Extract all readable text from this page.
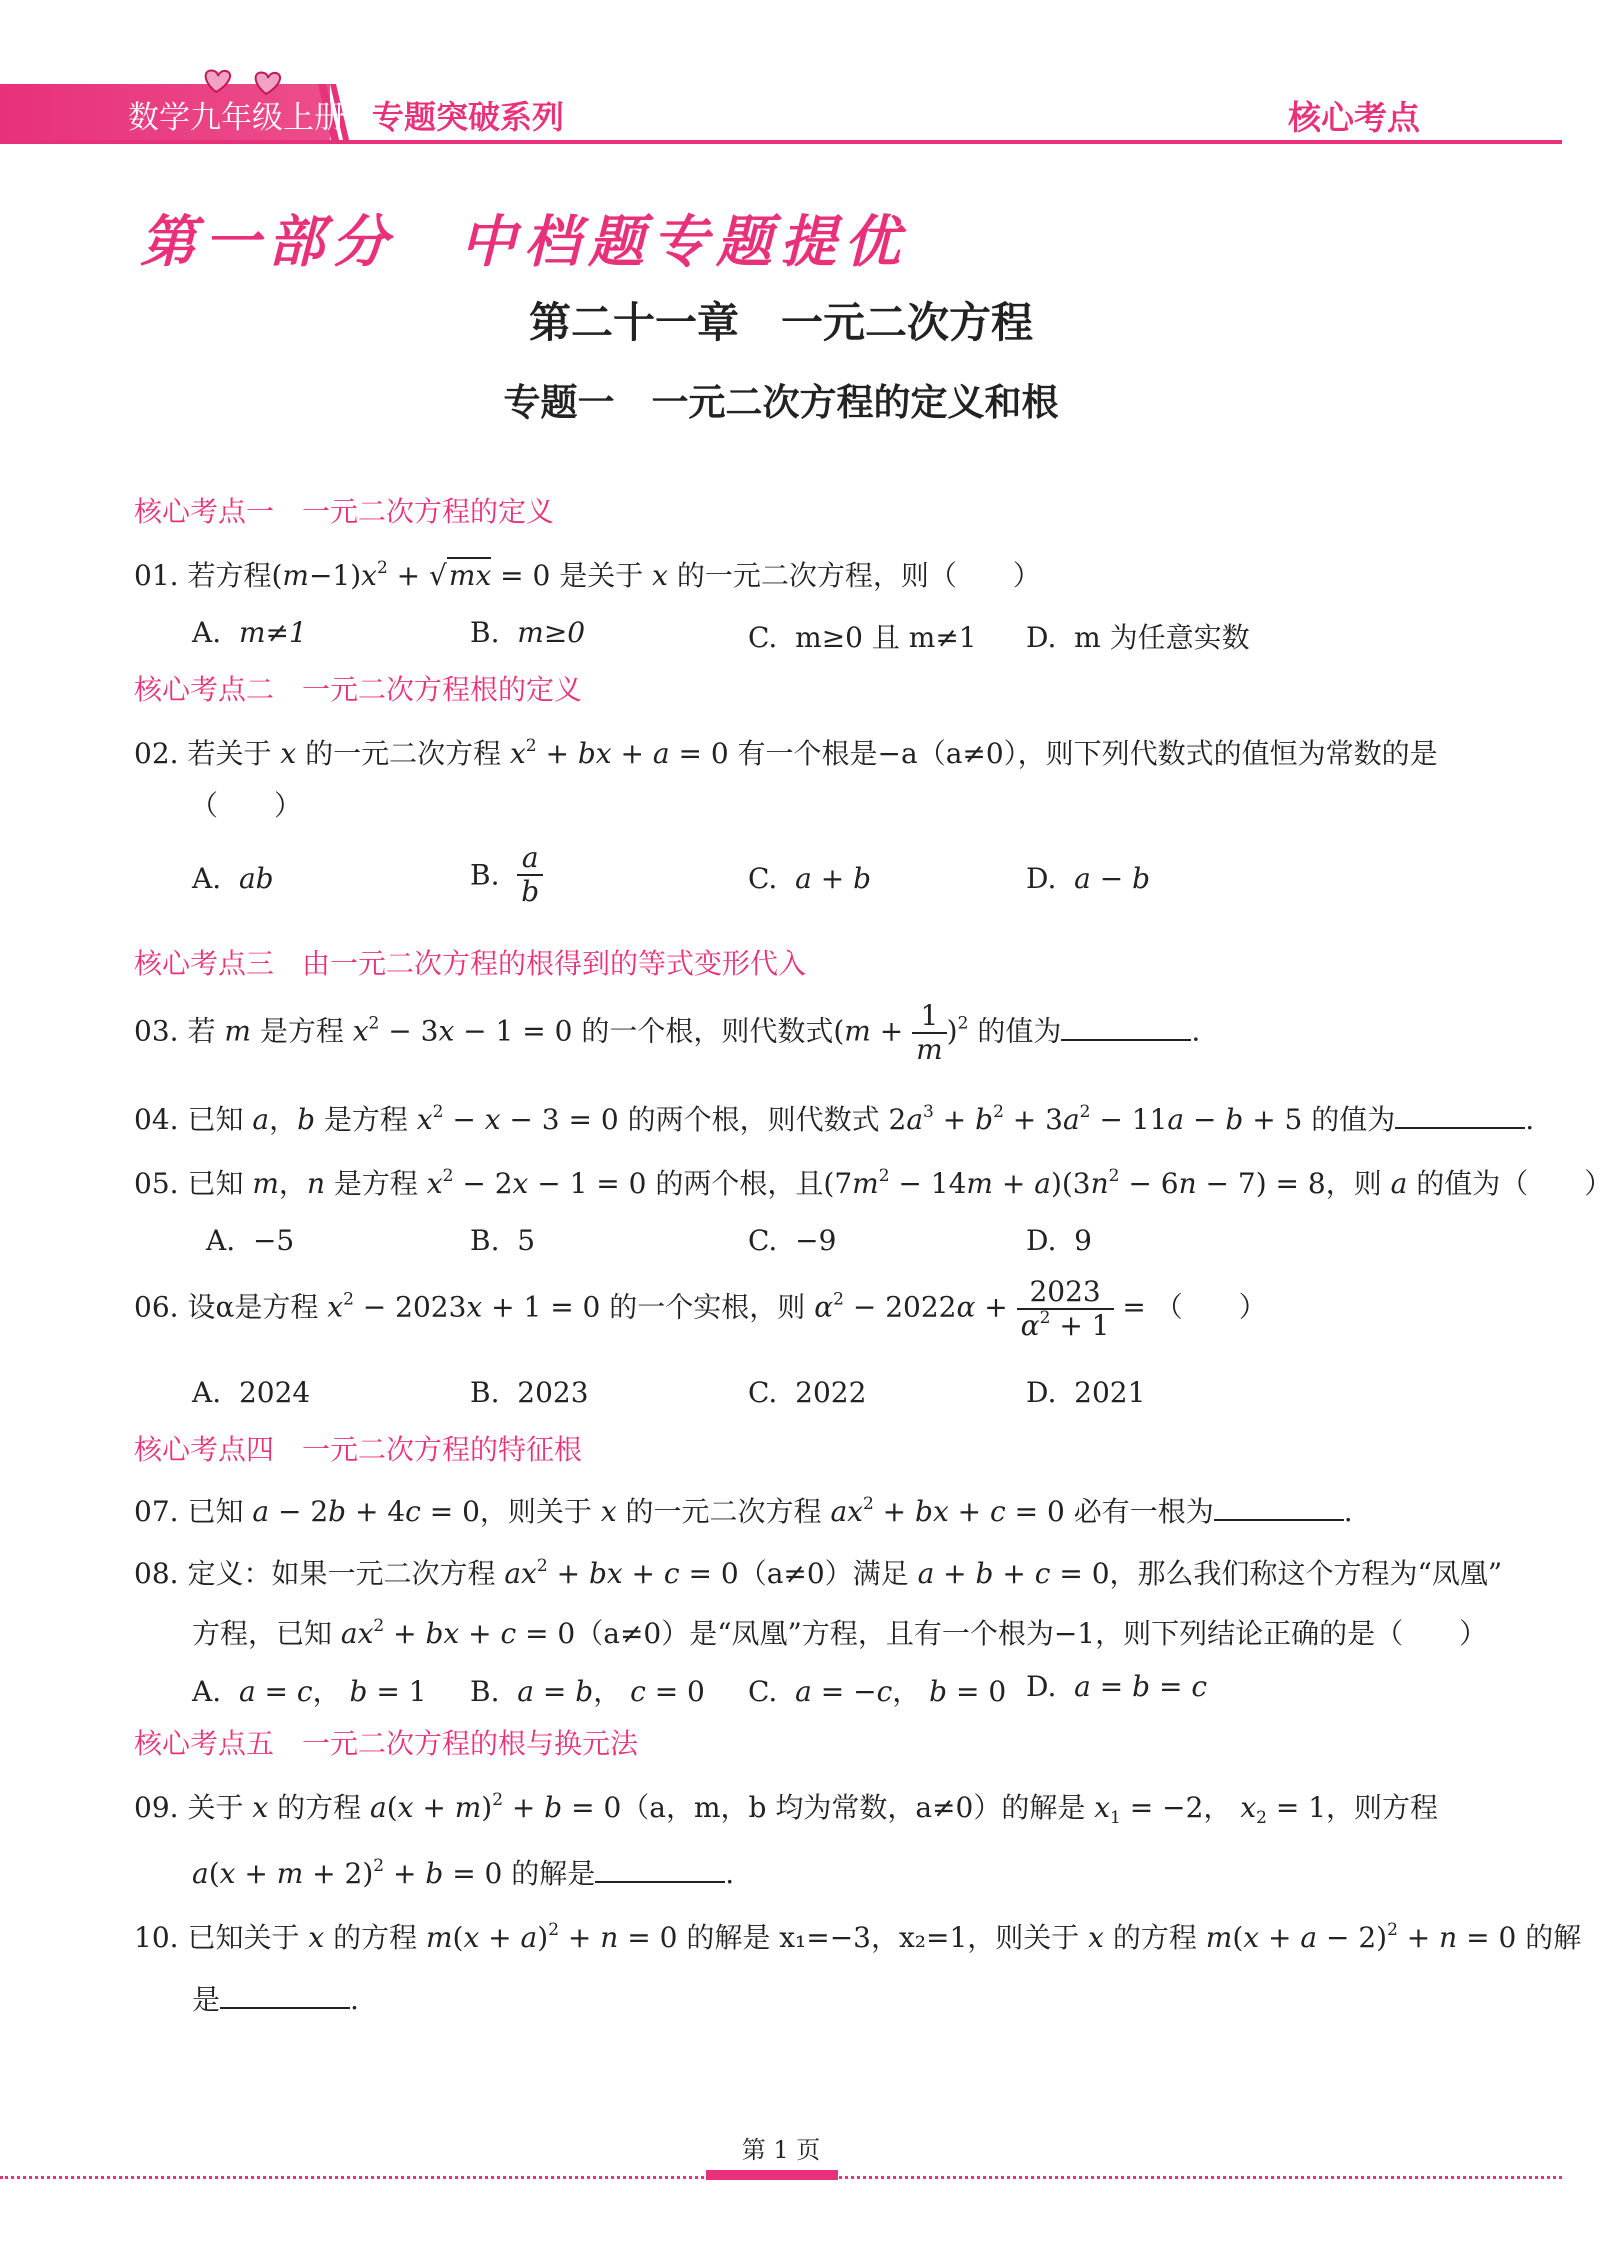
数学九年级上册 专题突破系列	核心考点
第一部分　中档题专题提优
第二十一章　一元二次方程
专题一　一元二次方程的定义和根
核心考点一　一元二次方程的定义
01. 若方程$(m-1)x^2 + √mx = 0$ 是关于 x 的一元二次方程，则（　　）
A. m≠1	B. m≥0	C. m≥0 且 m≠1 D. m 为任意实数
核心考点二　一元二次方程根的定义
02. 若关于 x 的一元二次方程 $x^2$ + bx + a = 0 有一个根是−a（a≠0），则下列代数式的值恒为常数的是
（　　）
A. ab	B. $\frac{a}{b}$	C. a + b	D. a − b
核心考点三　由一元二次方程的根得到的等式变形代入
03. 若 m 是方程 $x^2 - 3x - 1 = 0$ 的一个根，则代数式$(m + \frac{1}{m} )^2$ 的值为	.
04. 已知 a，b 是方程 $x^2 - x - 3 = 0$ 的两个根，则代数式 $2a^3 + b^2 + 3a^2 - 11a - b + 5$ 的值为	.
05. 已知 m，n 是方程 $x^2 - 2x - 1 = 0$ 的两个根，且$(7m^2 - 14m + a)(3n^2 - 6n - 7) = 8$，则 a 的值为（　　）
A. −5	B. 5	C. −9	D. 9
06. 设α是方程 $x^2 - 2023x + 1 = 0$ 的一个实根，则 $\alpha^2 - 2022\alpha + \frac{2023}{\alpha^2 + 1}$ = （　　）
A. 2024	B. 2023	C. 2022	D. 2021
核心考点四　一元二次方程的特征根
07. 已知 a − 2b + 4c = 0，则关于 x 的一元二次方程 $ax^2$ + bx + c = 0 必有一根为	.
08. 定义：如果一元二次方程 $ax^2$ + bx + c = 0（a≠0）满足 a + b + c = 0，那么我们称这个方程为“凤凰”
方程，已知 $ax^2$ + bx + c = 0（a≠0）是“凤凰”方程，且有一个根为−1，则下列结论正确的是（　　）
A. a = c， b = 1 B. a = b， c = 0 C. a = −c， b = 0 D. a = b = c
核心考点五　一元二次方程的根与换元法
09. 关于 x 的方程 $a(x + m)^2 + b = 0(a$，m，b 均为常数，a≠0）的解是 $x_1 = -2$， $x_2 = 1$，则方程
$a(x + m + 2)^2 + b = 0$ 的解是	.
10. 已知关于 x 的方程 $m(x + a)^2 + n = 0$ 的解是 x₁=−3，x₂=1，则关于 x 的方程 $m(x + a - 2)^2 + n = 0$ 的解
是	.
第 1 页
